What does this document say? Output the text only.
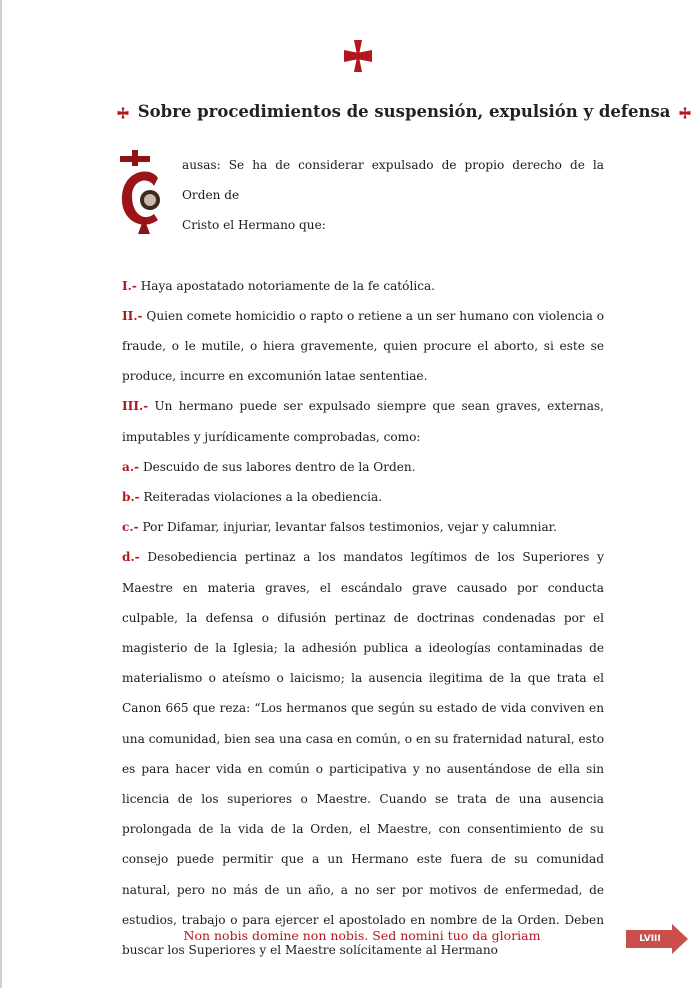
Sobre procedimientos de suspensión, expulsión y defensa
C

ausas: Se ha de considerar expulsado de propio derecho de la Orden de

Cristo el Hermano que:

I.- Haya apostatado notoriamente de la fe católica.

II.- Quien comete homicidio o rapto o retiene a un ser humano con violencia o fraude, o le mutile, o hiera gravemente, quien procure el aborto, si este se produce, incurre en excomunión latae sententiae.

III.- Un hermano puede ser expulsado siempre que sean graves, externas, imputables y jurídicamente comprobadas, como:

a.- Descuido de sus labores dentro de la Orden.

b.- Reiteradas violaciones a la obediencia.

c.- Por Difamar, injuriar, levantar falsos testimonios, vejar y calumniar.

d.- Desobediencia pertinaz a los mandatos legítimos de los Superiores y Maestre en materia graves, el escándalo grave causado por conducta culpable, la defensa o difusión pertinaz de doctrinas condenadas por el magisterio de la Iglesia; la adhesión publica a ideologías contaminadas de materialismo o ateísmo o laicismo; la ausencia ilegitima de la que trata el Canon 665 que reza: “Los hermanos que según su estado de vida conviven en una comunidad, bien sea una casa en común, o en su fraternidad natural, esto es para hacer vida en común o participativa y no ausentándose de ella sin licencia de los superiores o Maestre. Cuando se trata de una ausencia prolongada de la vida de la Orden, el Maestre, con consentimiento de su consejo puede permitir que a un Hermano este fuera de su comunidad natural, pero no más de un año, a no ser por motivos de enfermedad, de estudios, trabajo o para ejercer el apostolado en nombre de la Orden. Deben buscar los Superiores y el Maestre solícitamente al Hermano

Non nobis domine non nobis. Sed nomini tuo da gloriam	LVIII
